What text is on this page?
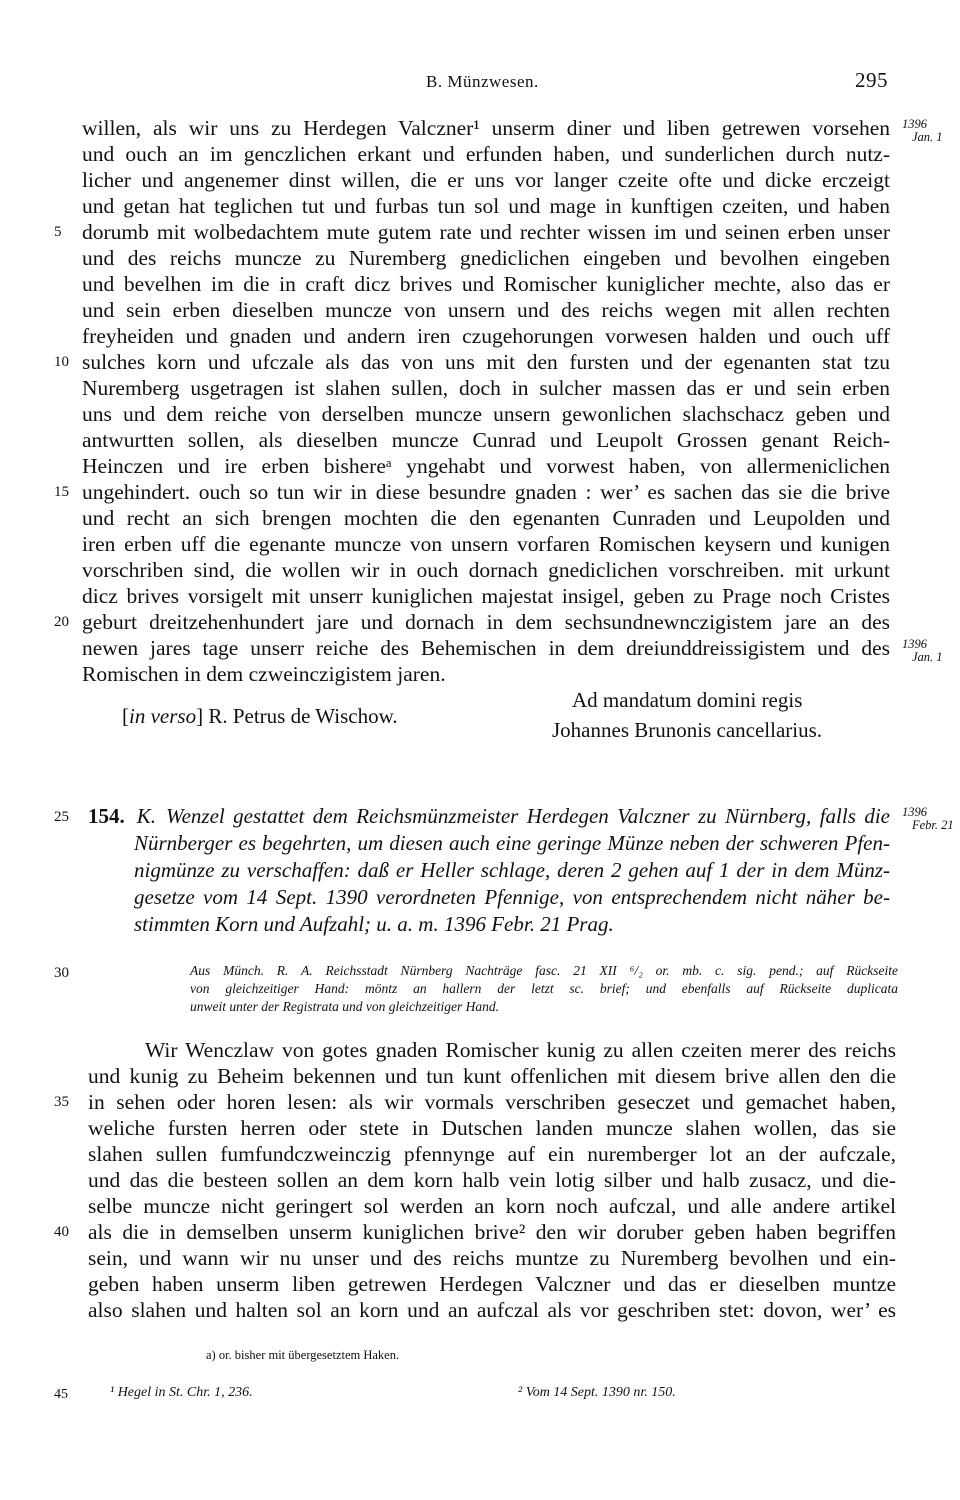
B. Münzwesen.	295
willen, als wir uns zu Herdegen Valczner¹ unserm diner und liben getrewen vorsehen
und ouch an im genczlichen erkant und erfunden haben, und sunderlichen durch nutz-
licher und angenemer dinst willen, die er uns vor langer czeite ofte und dicke erczeigt
und getan hat teglichen tut und furbas tun sol und mage in kunftigen czeiten, und haben
dorumb mit wolbedachtem mute gutem rate und rechter wissen im und seinen erben unser
und des reichs muncze zu Nuremberg gnediclichen eingeben und bevolhen eingeben
und bevelhen im die in craft dicz brives und Romischer kuniglicher mechte, also das er
und sein erben dieselben muncze von unsern und des reichs wegen mit allen rechten
freyheiden und gnaden und andern iren czugehorungen vorwesen halden und ouch uff
sulches korn und ufczale als das von uns mit den fursten und der egenanten stat tzu
Nuremberg usgetragen ist slahen sullen, doch in sulcher massen das er und sein erben
uns und dem reiche von derselben muncze unsern gewonlichen slachschacz geben und
antwurtten sollen, als dieselben muncze Cunrad und Leupolt Grossen genant Reich-
Heinczen und ire erben bishereᵃ yngehabt und vorwest haben, von allermeniclichen
ungehindert. ouch so tun wir in diese besundre gnaden : wer’ es sachen das sie die brive
und recht an sich brengen mochten die den egenanten Cunraden und Leupolden und
iren erben uff die egenante muncze von unsern vorfaren Romischen keysern und kunigen
vorschriben sind, die wollen wir in ouch dornach gnediclichen vorschreiben. mit urkunt
dicz brives vorsigelt mit unserr kuniglichen majestat insigel, geben zu Prage noch Cristes
geburt dreitzehenhundert jare und dornach in dem sechsundnewnczigistem jare an des
newen jares tage unserr reiche des Behemischen in dem dreiunddreissigistem und des
Romischen in dem czweinczigistem jaren.
5
10
15
20
1396
Jan. 1
1396
Jan. 1
[in verso] R. Petrus de Wischow.
Ad mandatum domini regis
Johannes Brunonis cancellarius.
25 154. K. Wenzel gestattet dem Reichsmünzmeister Herdegen Valczner zu Nürnberg, falls die
Nürnberger es begehrten, um diesen auch eine geringe Münze neben der schweren Pfen-
nigmünze zu verschaffen: daß er Heller schlage, deren 2 gehen auf 1 der in dem Münz-
gesetze vom 14 Sept. 1390 verordneten Pfennige, von entsprechendem nicht näher be-
stimmten Korn und Aufzahl; u. a. m. 1396 Febr. 21 Prag.
1396
Febr. 21
30	Aus Münch. R. A. Reichsstadt Nürnberg Nachträge fasc. 21 XII ⁶/₂ or. mb. c. sig. pend.; auf Rückseite
von gleichzeitiger Hand: möntz an hallern der letzt sc. brief; und ebenfalls auf Rückseite duplicata
unweit unter der Registrata und von gleichzeitiger Hand.
Wir Wenczlaw von gotes gnaden Romischer kunig zu allen czeiten merer des reichs
und kunig zu Beheim bekennen und tun kunt offenlichen mit diesem brive allen den die
in sehen oder horen lesen: als wir vormals verschriben geseczet und gemachet haben,
weliche fursten herren oder stete in Dutschen landen muncze slahen wollen, das sie
slahen sullen fumfundczweinczig pfennynge auf ein nuremberger lot an der aufczale,
und das die besteen sollen an dem korn halb vein lotig silber und halb zusacz, und die-
selbe muncze nicht geringert sol werden an korn noch aufczal, und alle andere artikel
als die in demselben unserm kuniglichen brive² den wir doruber geben haben begriffen
sein, und wann wir nu unser und des reichs muntze zu Nuremberg bevolhen und ein-
geben haben unserm liben getrewen Herdegen Valczner und das er dieselben muntze
also slahen und halten sol an korn und an aufczal als vor geschriben stet: dovon, wer’ es
35
40
a) or. bisher mit übergesetztem Haken.
45	¹ Hegel in St. Chr. 1, 236.	² Vom 14 Sept. 1390 nr. 150.
